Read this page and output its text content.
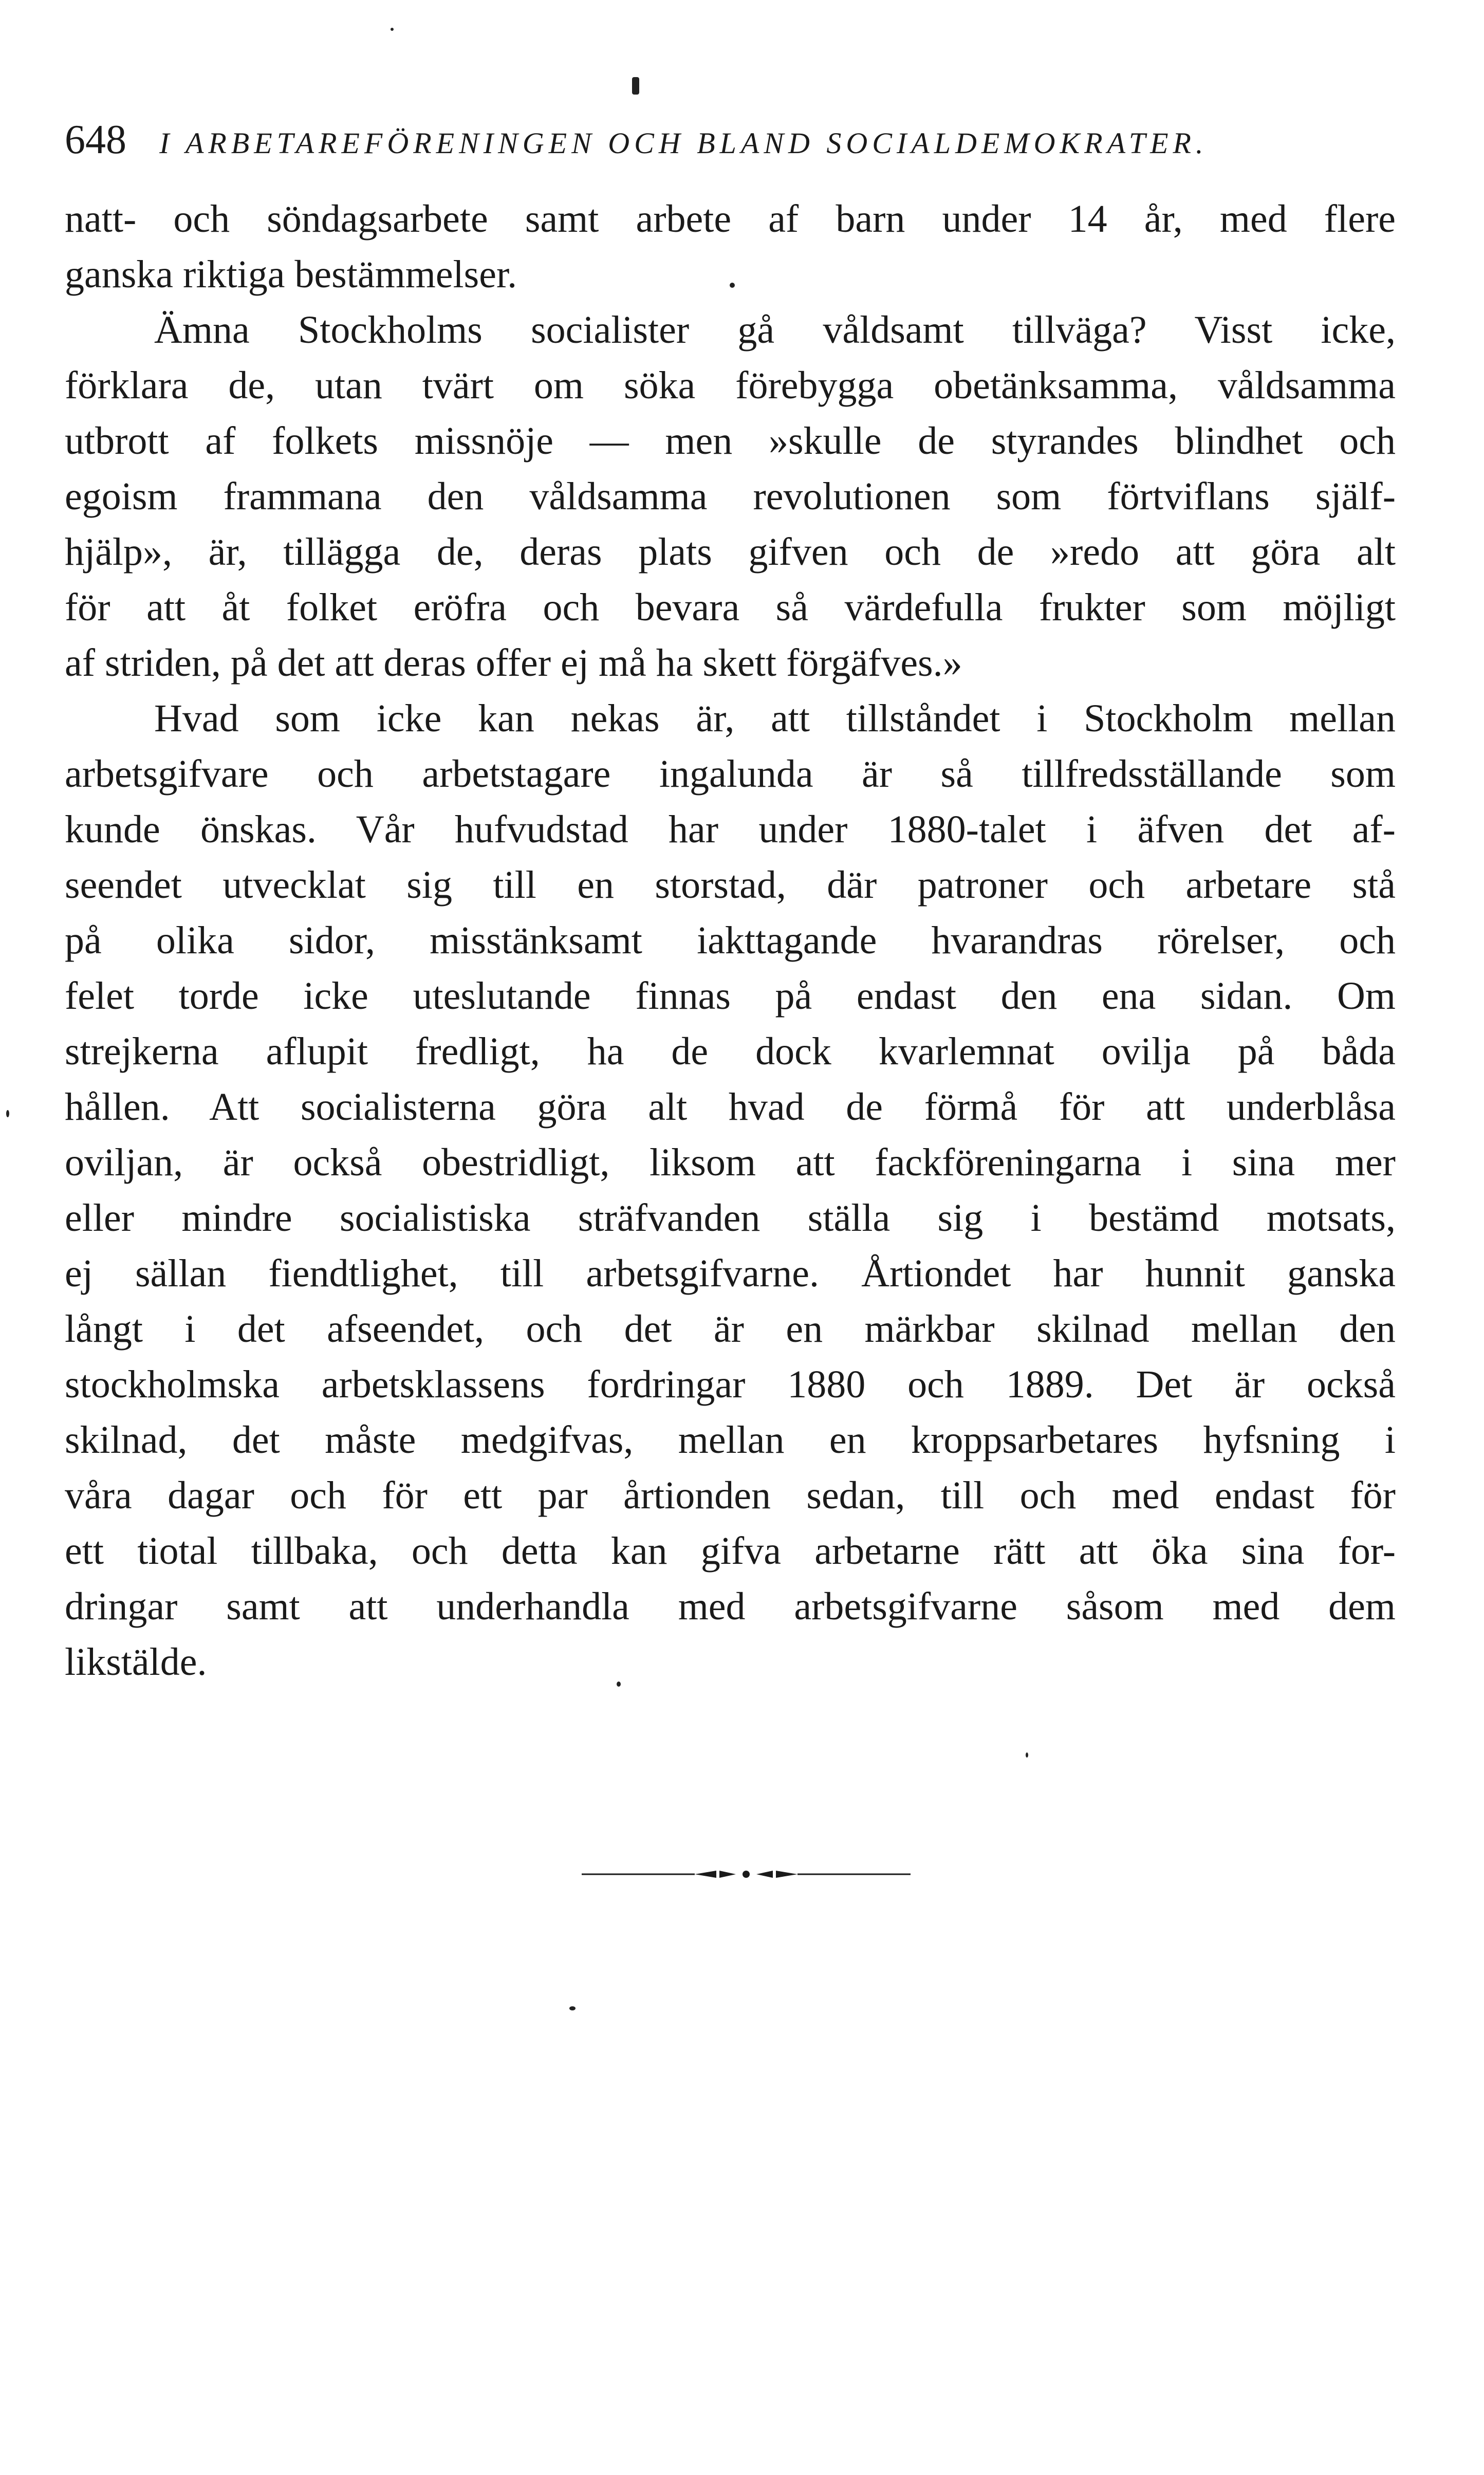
648 I ARBETAREFÖRENINGEN OCH BLAND SOCIALDEMOKRATER.
natt- och söndagsarbete samt arbete af barn under 14 år, med flere
ganska riktiga bestämmelser.
Ämna Stockholms socialister gå våldsamt tillväga? Visst icke,
förklara de, utan tvärt om söka förebygga obetänksamma, våldsamma
utbrott af folkets missnöje — men »skulle de styrandes blindhet och
egoism frammana den våldsamma revolutionen som förtviflans själf-
hjälp», är, tillägga de, deras plats gifven och de »redo att göra alt
för att åt folket eröfra och bevara så värdefulla frukter som möjligt
af striden, på det att deras offer ej må ha skett förgäfves.»
Hvad som icke kan nekas är, att tillståndet i Stockholm mellan
arbetsgifvare och arbetstagare ingalunda är så tillfredsställande som
kunde önskas. Vår hufvudstad har under 1880-talet i äfven det af-
seendet utvecklat sig till en storstad, där patroner och arbetare stå
på olika sidor, misstänksamt iakttagande hvarandras rörelser, och
felet torde icke uteslutande finnas på endast den ena sidan. Om
strejkerna aflupit fredligt, ha de dock kvarlemnat ovilja på båda
hållen. Att socialisterna göra alt hvad de förmå för att underblåsa
oviljan, är också obestridligt, liksom att fackföreningarna i sina mer
eller mindre socialistiska sträfvanden ställa sig i bestämd motsats,
ej sällan fiendtlighet, till arbetsgifvarne. Årtiondet har hunnit ganska
långt i det afseendet, och det är en märkbar skilnad mellan den
stockholmska arbetsklassens fordringar 1880 och 1889. Det är också
skilnad, det måste medgifvas, mellan en kroppsarbetares hyfsning i
våra dagar och för ett par årtionden sedan, till och med endast för
ett tiotal tillbaka, och detta kan gifva arbetarne rätt att öka sina for-
dringar samt att underhandla med arbetsgifvarne såsom med dem
likstälde.
